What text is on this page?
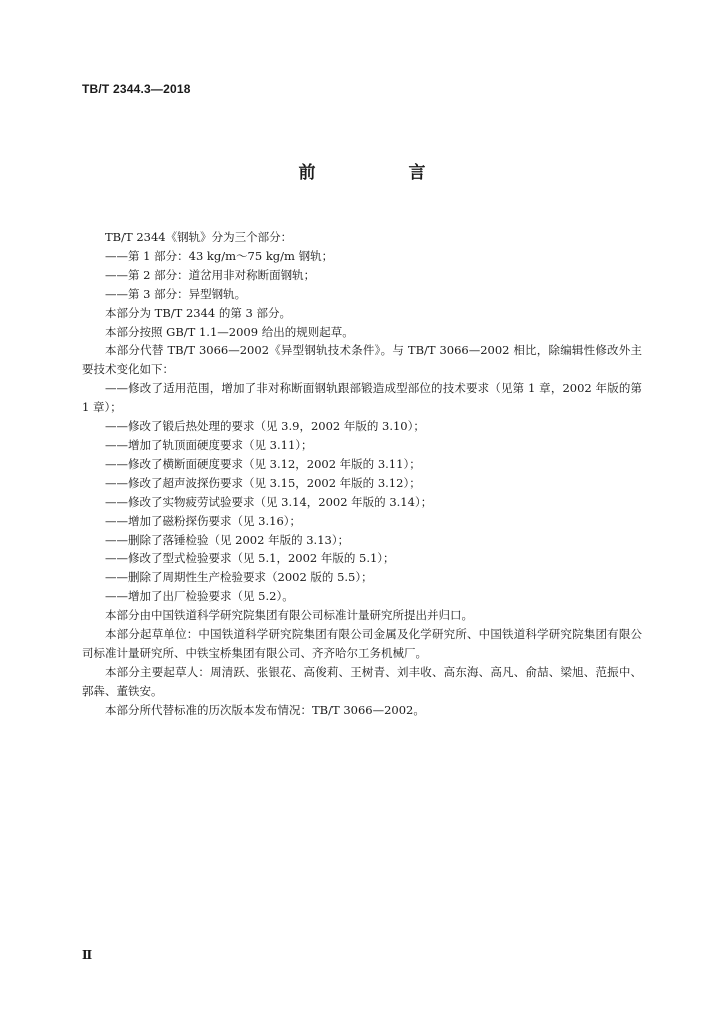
TB/T 2344.3—2018
前　言

TB/T 2344《钢轨》分为三个部分：

——第 1 部分：43 kg/m～75 kg/m 钢轨；

——第 2 部分：道岔用非对称断面钢轨；

——第 3 部分：异型钢轨。

本部分为 TB/T 2344 的第 3 部分。

本部分按照 GB/T 1.1—2009 给出的规则起草。

本部分代替 TB/T 3066—2002《异型钢轨技术条件》。与 TB/T 3066—2002 相比，除编辑性修改外主要技术变化如下：

——修改了适用范围，增加了非对称断面钢轨跟部锻造成型部位的技术要求（见第 1 章，2002 年版的第 1 章）；

——修改了锻后热处理的要求（见 3.9，2002 年版的 3.10）；

——增加了轨顶面硬度要求（见 3.11）；

——修改了横断面硬度要求（见 3.12，2002 年版的 3.11）；

——修改了超声波探伤要求（见 3.15，2002 年版的 3.12）；

——修改了实物疲劳试验要求（见 3.14，2002 年版的 3.14）；

——增加了磁粉探伤要求（见 3.16）；

——删除了落锤检验（见 2002 年版的 3.13）；

——修改了型式检验要求（见 5.1，2002 年版的 5.1）；

——删除了周期性生产检验要求（2002 版的 5.5）；

——增加了出厂检验要求（见 5.2）。

本部分由中国铁道科学研究院集团有限公司标准计量研究所提出并归口。

本部分起草单位：中国铁道科学研究院集团有限公司金属及化学研究所、中国铁道科学研究院集团有限公司标准计量研究所、中铁宝桥集团有限公司、齐齐哈尔工务机械厂。

本部分主要起草人：周清跃、张银花、高俊莉、王树青、刘丰收、高东海、高凡、俞喆、梁旭、范振中、郭犇、董铁安。

本部分所代替标准的历次版本发布情况：TB/T 3066—2002。

Ⅱ
